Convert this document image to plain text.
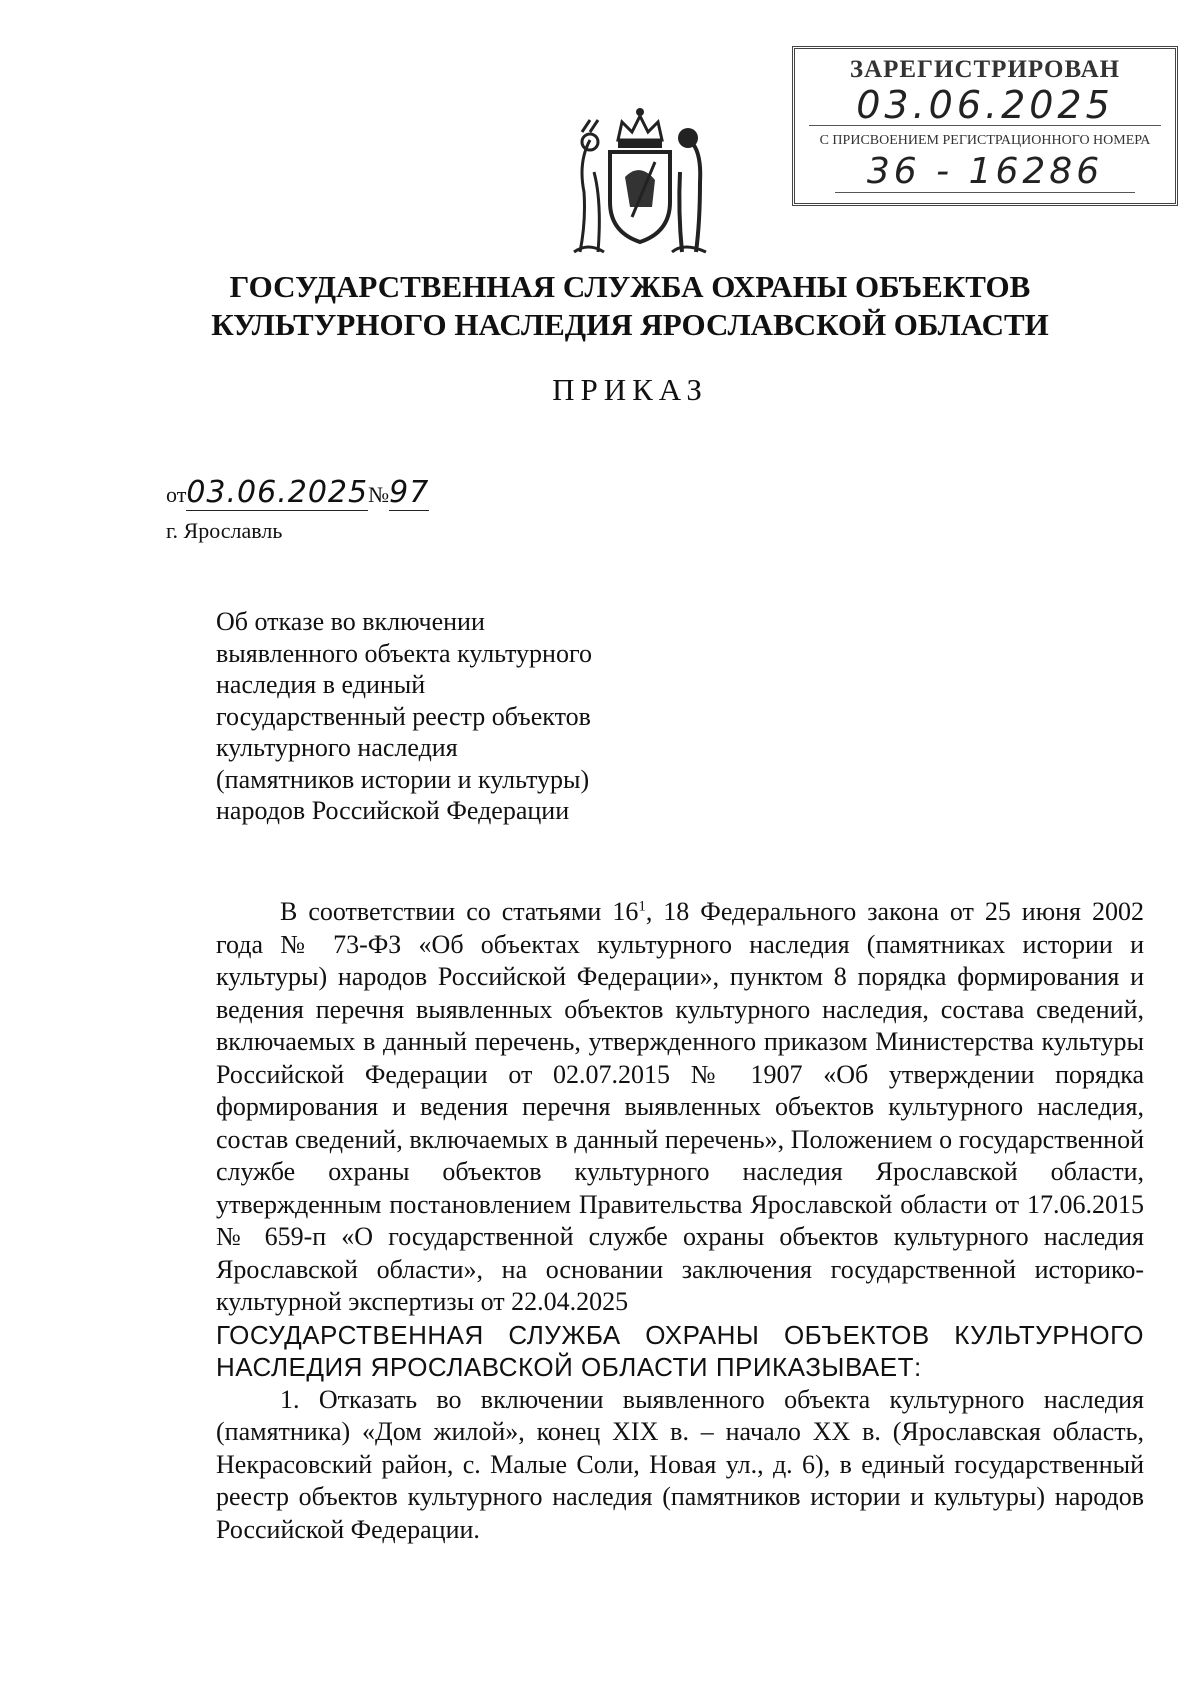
ЗАРЕГИСТРИРОВАН
03.06.2025
С ПРИСВОЕНИЕМ РЕГИСТРАЦИОННОГО НОМЕРА
36 - 16286
ГОСУДАРСТВЕННАЯ СЛУЖБА ОХРАНЫ ОБЪЕКТОВ
КУЛЬТУРНОГО НАСЛЕДИЯ ЯРОСЛАВСКОЙ ОБЛАСТИ
ПРИКАЗ
от03.06.2025№97
г. Ярославль
Об отказе во включении
выявленного объекта культурного
наследия в единый
государственный реестр объектов
культурного наследия
(памятников истории и культуры)
народов Российской Федерации

В соответствии со статьями $16^1$, 18 Федерального закона от 25 июня 2002 года № 73-ФЗ «Об объектах культурного наследия (памятниках истории и культуры) народов Российской Федерации», пунктом 8 порядка формирования и ведения перечня выявленных объектов культурного наследия, состава сведений, включаемых в данный перечень, утвержденного приказом Министерства культуры Российской Федерации от 02.07.2015 № 1907 «Об утверждении порядка формирования и ведения перечня выявленных объектов культурного наследия, состав сведений, включаемых в данный перечень», Положением о государственной службе охраны объектов культурного наследия Ярославской области, утвержденным постановлением Правительства Ярославской области от 17.06.2015 № 659-п «О государственной службе охраны объектов культурного наследия Ярославской области», на основании заключения государственной историко-культурной экспертизы от 22.04.2025

ГОСУДАРСТВЕННАЯ СЛУЖБА ОХРАНЫ ОБЪЕКТОВ КУЛЬТУРНОГО НАСЛЕДИЯ ЯРОСЛАВСКОЙ ОБЛАСТИ ПРИКАЗЫВАЕТ:

1. Отказать во включении выявленного объекта культурного наследия (памятника) «Дом жилой», конец XIX в. – начало XX в. (Ярославская область, Некрасовский район, с. Малые Соли, Новая ул., д. 6), в единый государственный реестр объектов культурного наследия (памятников истории и культуры) народов Российской Федерации.
